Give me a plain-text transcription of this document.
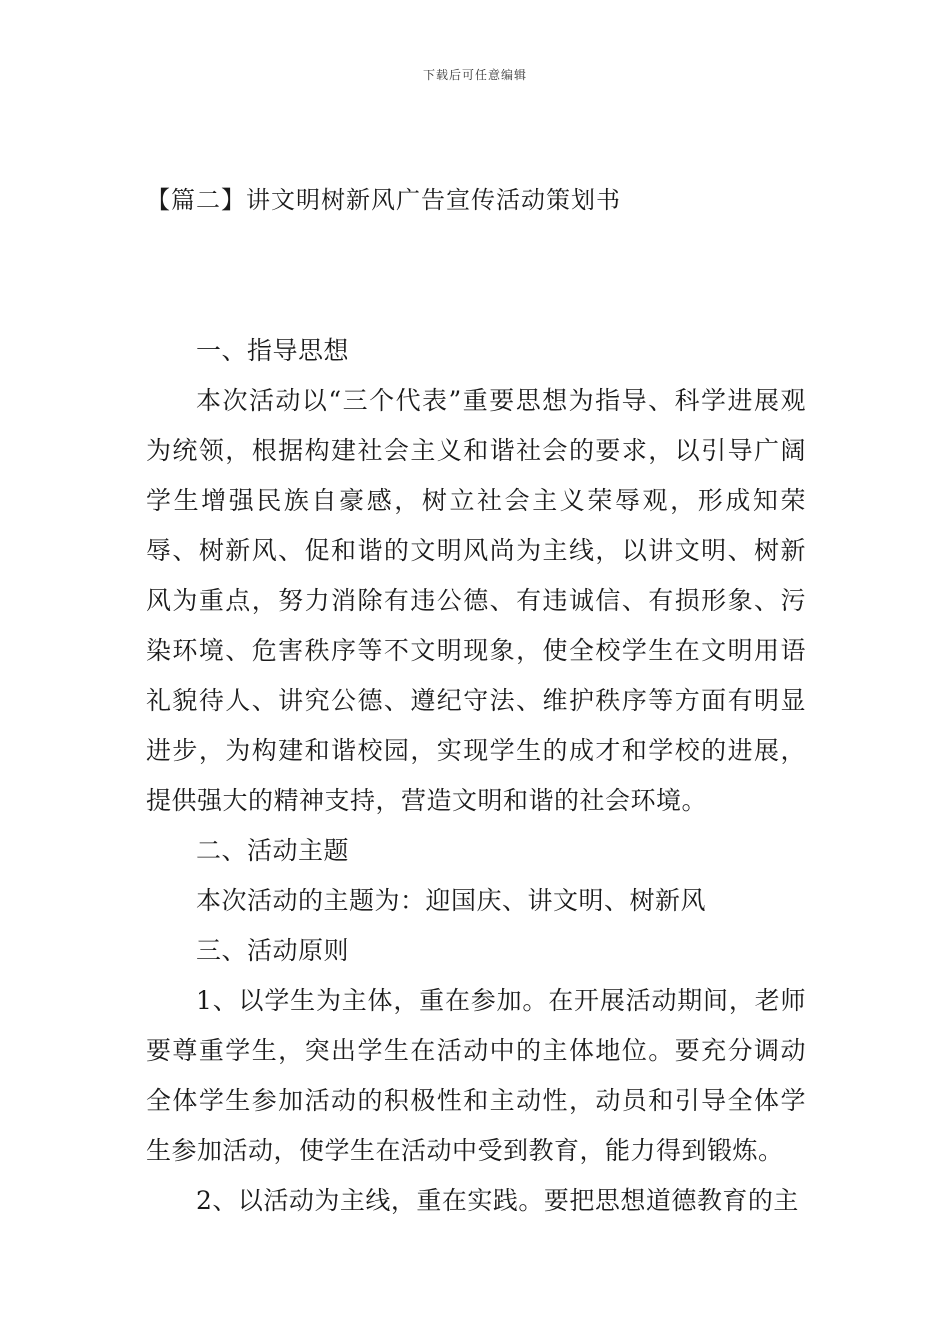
下载后可任意编辑
【篇二】讲文明树新风广告宣传活动策划书

一、指导思想

本次活动以“三个代表”重要思想为指导、科学进展观为统领，根据构建社会主义和谐社会的要求，以引导广阔学生增强民族自豪感，树立社会主义荣辱观，形成知荣辱、树新风、促和谐的文明风尚为主线，以讲文明、树新风为重点，努力消除有违公德、有违诚信、有损形象、污染环境、危害秩序等不文明现象，使全校学生在文明用语礼貌待人、讲究公德、遵纪守法、维护秩序等方面有明显进步，为构建和谐校园，实现学生的成才和学校的进展，提供强大的精神支持，营造文明和谐的社会环境。

二、活动主题

本次活动的主题为：迎国庆、讲文明、树新风

三、活动原则

1、以学生为主体，重在参加。在开展活动期间，老师要尊重学生，突出学生在活动中的主体地位。要充分调动全体学生参加活动的积极性和主动性，动员和引导全体学生参加活动，使学生在活动中受到教育，能力得到锻炼。

2、以活动为主线，重在实践。要把思想道德教育的主
